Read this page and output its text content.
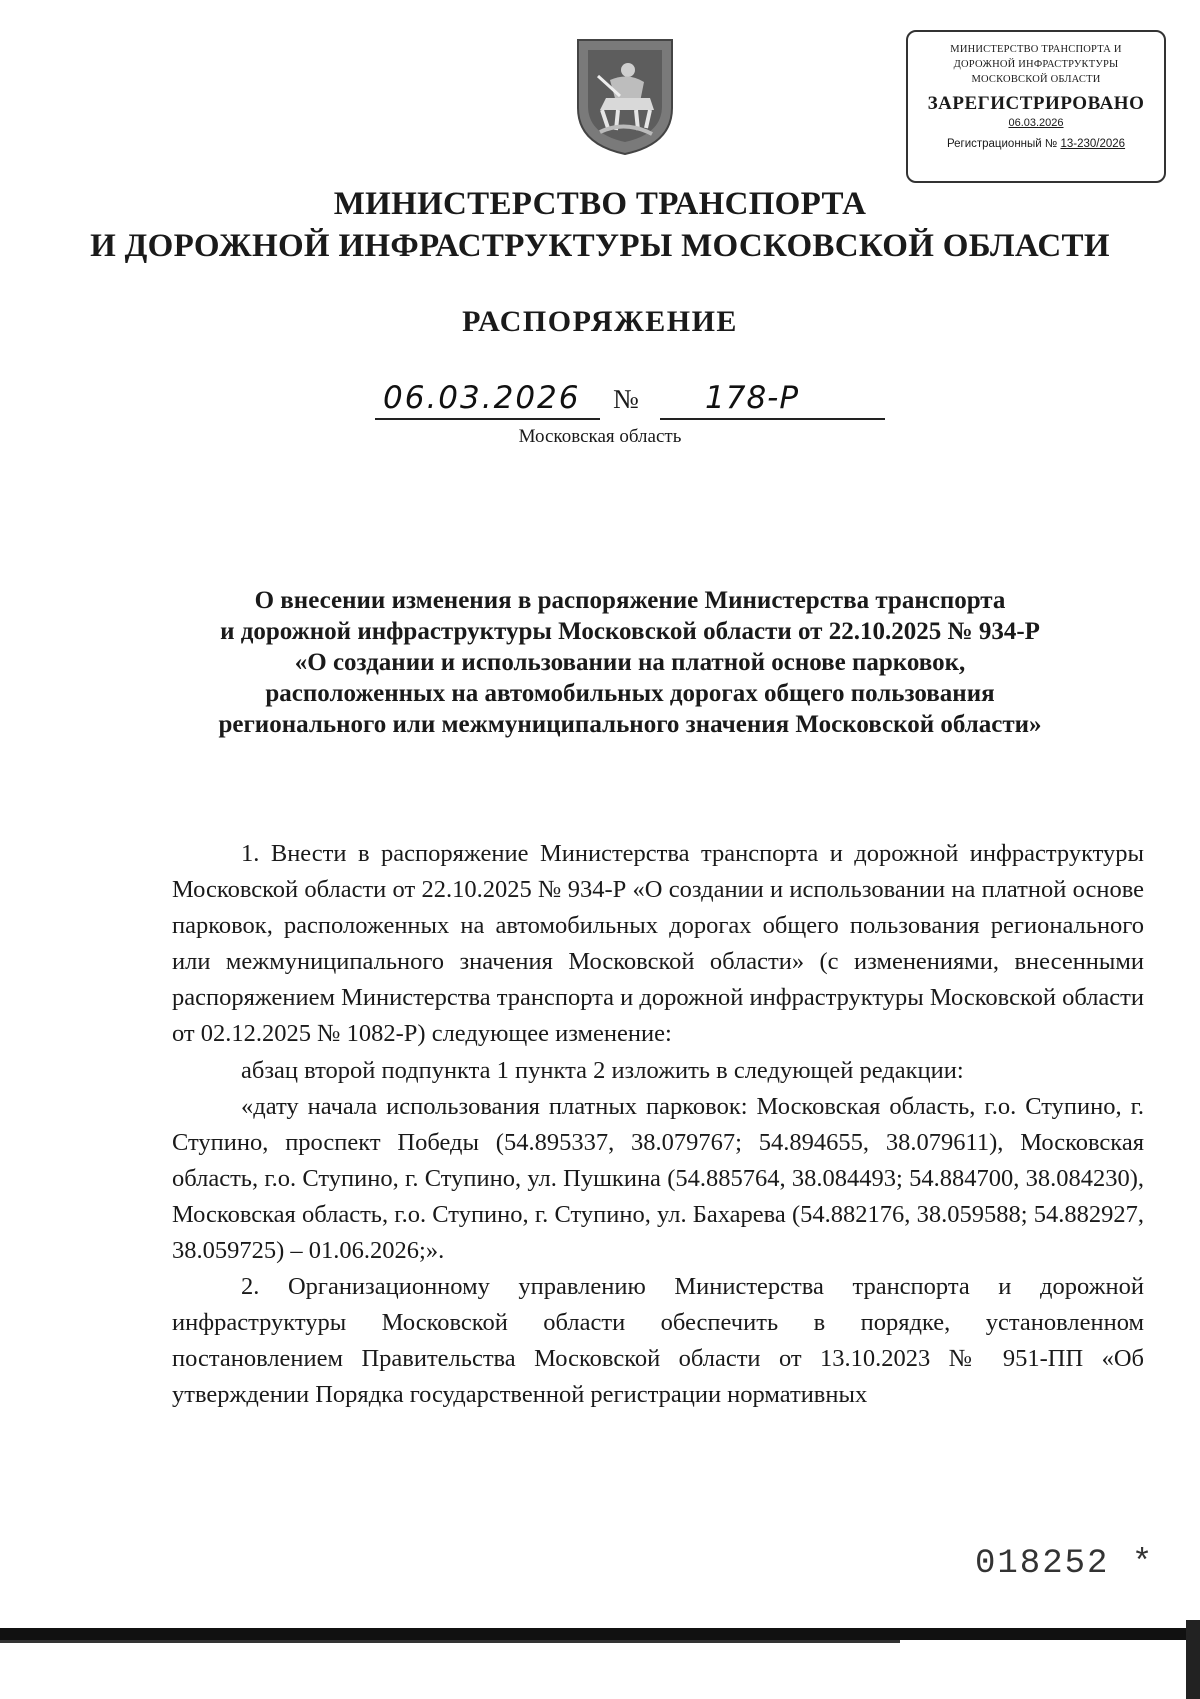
МИНИСТЕРСТВО ТРАНСПОРТА И
ДОРОЖНОЙ ИНФРАСТРУКТУРЫ
МОСКОВСКОЙ ОБЛАСТИ
ЗАРЕГИСТРИРОВАНО
06.03.2026
Регистрационный № 13-230/2026
МИНИСТЕРСТВО ТРАНСПОРТА
И ДОРОЖНОЙ ИНФРАСТРУКТУРЫ МОСКОВСКОЙ ОБЛАСТИ
РАСПОРЯЖЕНИЕ
06.03.2026 № 178-Р
Московская область
О внесении изменения в распоряжение Министерства транспорта
и дорожной инфраструктуры Московской области от 22.10.2025 № 934-Р
«О создании и использовании на платной основе парковок,
расположенных на автомобильных дорогах общего пользования
регионального или межмуниципального значения Московской области»

1. Внести в распоряжение Министерства транспорта и дорожной инфраструктуры Московской области от 22.10.2025 № 934-Р «О создании и использовании на платной основе парковок, расположенных на автомобильных дорогах общего пользования регионального или межмуниципального значения Московской области» (с изменениями, внесенными распоряжением Министерства транспорта и дорожной инфраструктуры Московской области от 02.12.2025 № 1082-Р) следующее изменение:

абзац второй подпункта 1 пункта 2 изложить в следующей редакции:

«дату начала использования платных парковок: Московская область, г.о. Ступино, г. Ступино, проспект Победы (54.895337, 38.079767; 54.894655, 38.079611), Московская область, г.о. Ступино, г. Ступино, ул. Пушкина (54.885764, 38.084493; 54.884700, 38.084230), Московская область, г.о. Ступино, г. Ступино, ул. Бахарева (54.882176, 38.059588; 54.882927, 38.059725) – 01.06.2026;».

2. Организационному управлению Министерства транспорта и дорожной инфраструктуры Московской области обеспечить в порядке, установленном постановлением Правительства Московской области от 13.10.2023 № 951-ПП «Об утверждении Порядка государственной регистрации нормативных

018252 *
